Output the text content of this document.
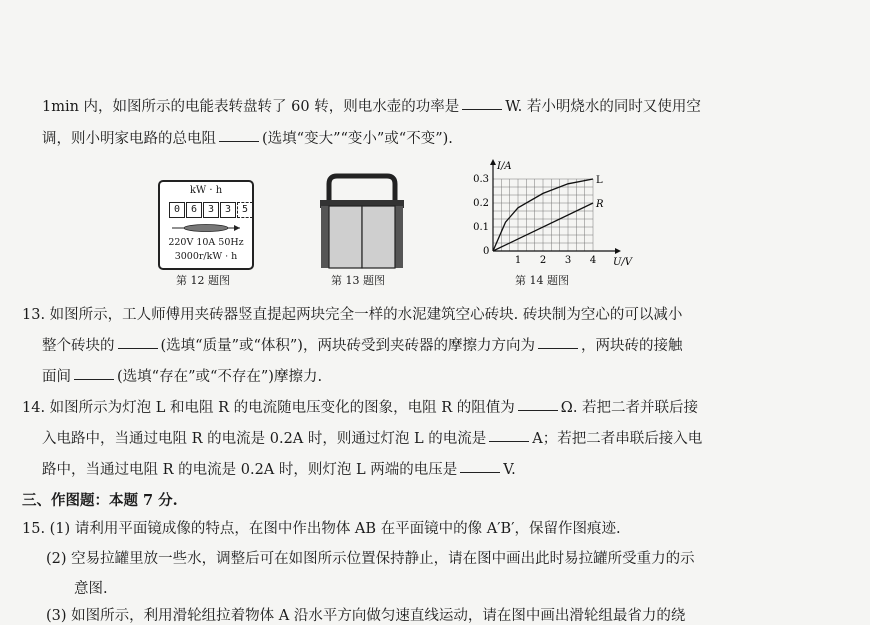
1min 内，如图所示的电能表转盘转了 60 转，则电水壶的功率是	W. 若小明烧水的同时又使用空
调，则小明家电路的总电阻	(选填“变大”“变小”或“不变”).
kW · h
0	6	3	3	5
220V 10A 50Hz
3000r/kW · h
第 12 题图	第 13 题图
I/A
U/V
0
0.3
0.2
0.1
1 2 3 4
L
R
第 14 题图
13. 如图所示，工人师傅用夹砖器竖直提起两块完全一样的水泥建筑空心砖块. 砖块制为空心的可以减小
整个砖块的	(选填“质量”或“体积”)，两块砖受到夹砖器的摩擦力方向为	，两块砖的接触
面间	(选填“存在”或“不存在”)摩擦力.
14. 如图所示为灯泡 L 和电阻 R 的电流随电压变化的图象，电阻 R 的阻值为	Ω. 若把二者并联后接
入电路中，当通过电阻 R 的电流是 0.2A 时，则通过灯泡 L 的电流是	A；若把二者串联后接入电
路中，当通过电阻 R 的电流是 0.2A 时，则灯泡 L 两端的电压是	V.
三、作图题：本题 7 分.
15. (1) 请利用平面镜成像的特点，在图中作出物体 AB 在平面镜中的像 A′B′，保留作图痕迹.
(2) 空易拉罐里放一些水，调整后可在如图所示位置保持静止，请在图中画出此时易拉罐所受重力的示
意图.
(3) 如图所示，利用滑轮组拉着物体 A 沿水平方向做匀速直线运动，请在图中画出滑轮组最省力的绕
